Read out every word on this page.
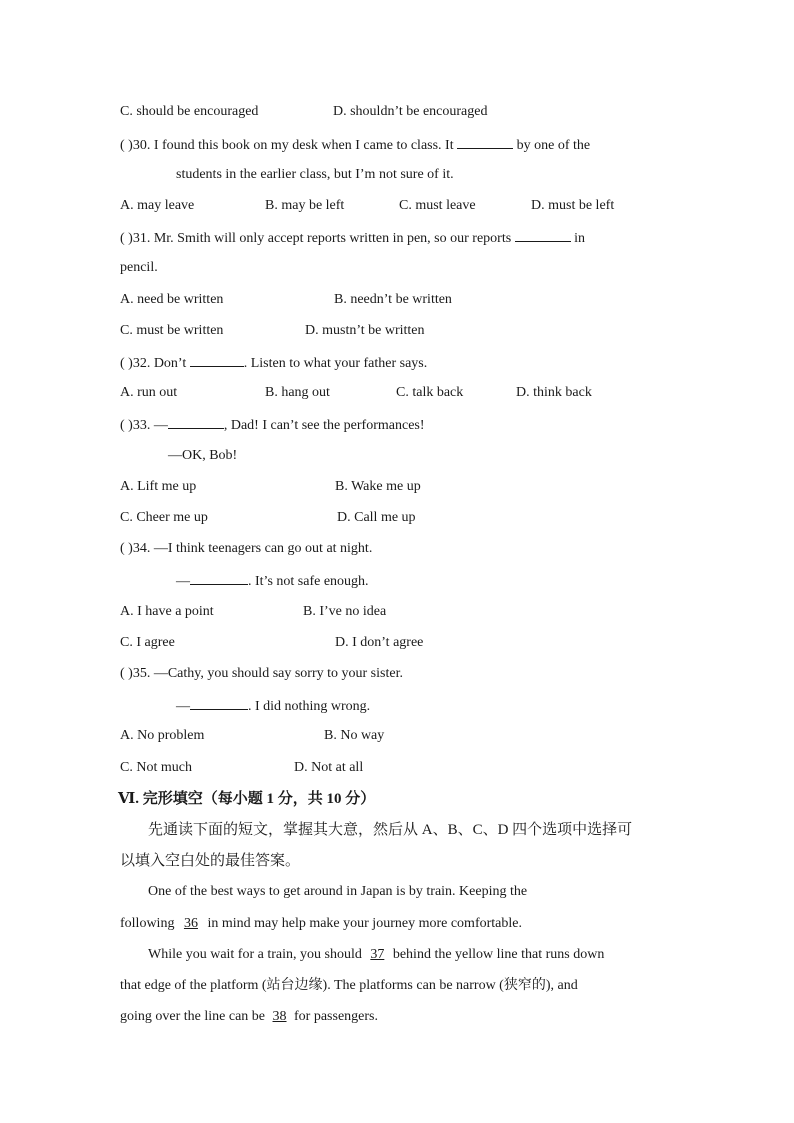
C. should be encouraged	D. shouldn’t be encouraged
( )30. I found this book on my desk when I came to class. It	by one of the
students in the earlier class, but I’m not sure of it.
A. may leave	B. may be left	C. must leave	D. must be left
( )31. Mr. Smith will only accept reports written in pen, so our reports	in
pencil.
A. need be written	B. needn’t be written
C. must be written	D. mustn’t be written
( )32. Don’t	. Listen to what your father says.
A. run out	B. hang out	C. talk back	D. think back
( )33. —	, Dad! I can’t see the performances!
—OK, Bob!
A. Lift me up	B. Wake me up
C. Cheer me up	D. Call me up
( )34. —I think teenagers can go out at night.
—	. It’s not safe enough.
A. I have a point	B. I’ve no idea
C. I agree	D. I don’t agree
( )35. —Cathy, you should say sorry to your sister.
—	. I did nothing wrong.
A. No problem	B. No way
C. Not much	D. Not at all
Ⅵ. 完形填空（每小题 1 分，共 10 分）
先通读下面的短文，掌握其大意，然后从 A、B、C、D 四个选项中选择可
以填入空白处的最佳答案。
One of the best ways to get around in Japan is by train. Keeping the
following 36 in mind may help make your journey more comfortable.
While you wait for a train, you should 37 behind the yellow line that runs down
that edge of the platform (站台边缘). The platforms can be narrow (狭窄的), and
going over the line can be 38 for passengers.
